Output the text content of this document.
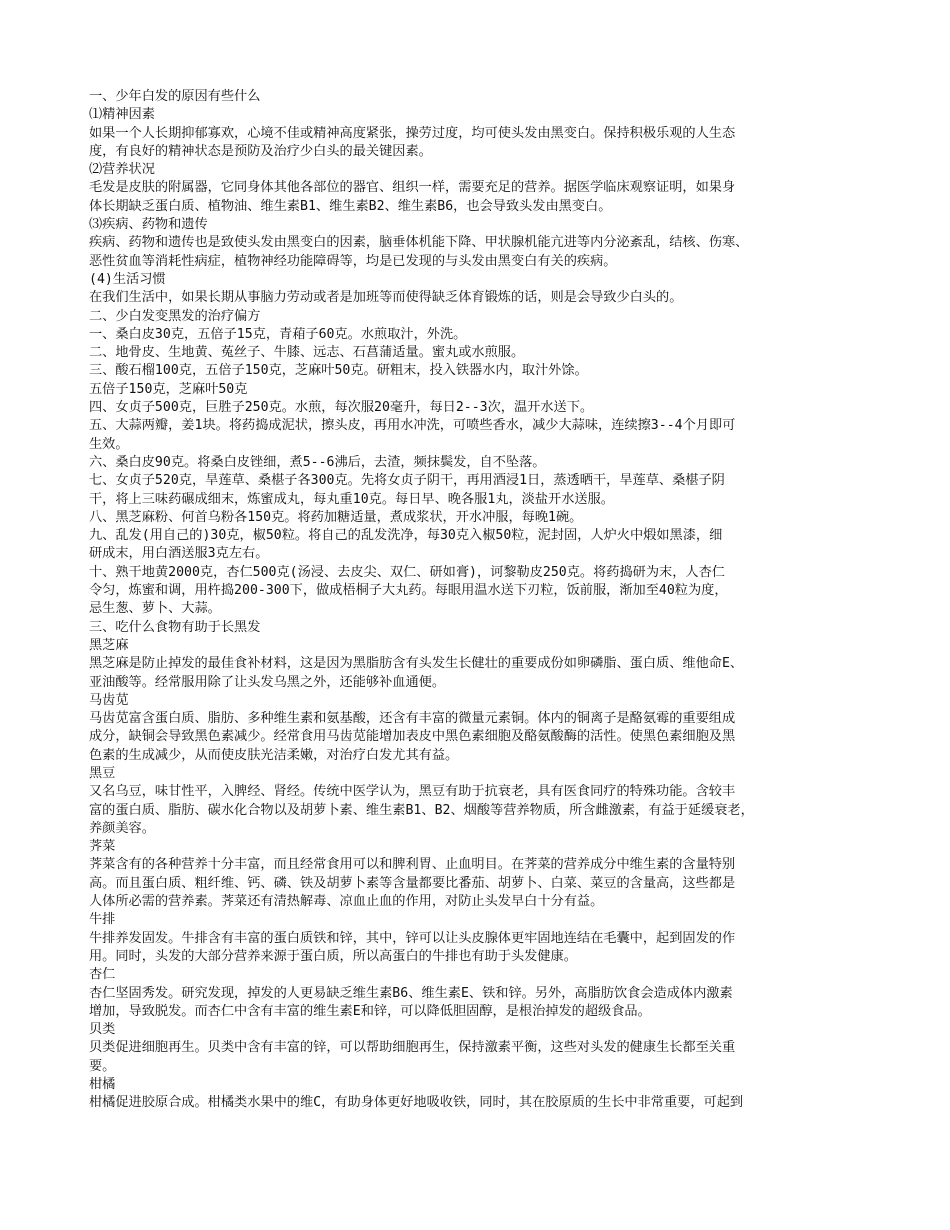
一、少年白发的原因有些什么
⑴精神因素
如果一个人长期抑郁寡欢，心境不佳或精神高度紧张，操劳过度，均可使头发由黑变白。保持积极乐观的人生态
度，有良好的精神状态是预防及治疗少白头的最关键因素。
⑵营养状况
毛发是皮肤的附属器，它同身体其他各部位的器官、组织一样，需要充足的营养。据医学临床观察证明，如果身
体长期缺乏蛋白质、植物油、维生素B1、维生素B2、维生素B6，也会导致头发由黑变白。
⑶疾病、药物和遗传
疾病、药物和遗传也是致使头发由黑变白的因素，脑垂体机能下降、甲状腺机能亢进等内分泌紊乱，结核、伤寒、
恶性贫血等消耗性病症，植物神经功能障碍等，均是已发现的与头发由黑变白有关的疾病。
(4)生活习惯
在我们生活中，如果长期从事脑力劳动或者是加班等而使得缺乏体育锻炼的话，则是会导致少白头的。
二、少白发变黑发的治疗偏方
一、桑白皮30克，五倍子15克，青葙子60克。水煎取汁，外洗。
二、地骨皮、生地黄、菟丝子、牛膝、远志、石菖蒲适量。蜜丸或水煎服。
三、酸石榴100克，五倍子150克，芝麻叶50克。研粗末，投入铁器水内，取汁外馀。
五倍子150克，芝麻叶50克
四、女贞子500克，巨胜子250克。水煎，每次服20毫升，每日2--3次，温开水送下。
五、大蒜两瓣，姜1块。将药捣成泥状，擦头皮，再用水冲洗，可喷些香水，减少大蒜味，连续擦3--4个月即可
生效。
六、桑白皮90克。将桑白皮锉细，煮5--6沸后，去渣，频抹鬓发，自不坠落。
七、女贞子520克，旱莲草、桑椹子各300克。先将女贞子阴干，再用酒浸1日，蒸透晒干，旱莲草、桑椹子阴
干，将上三味药碾成细末，炼蜜成丸，每丸重10克。每日早、晚各服1丸，淡盐开水送服。
八、黑芝麻粉、何首乌粉各150克。将药加糖适量，煮成浆状，开水冲服，每晚1碗。
九、乱发(用自己的)30克，椒50粒。将自己的乱发洗净，每30克入椒50粒，泥封固，人炉火中煅如黑漆，细
研成末，用白酒送服3克左右。
十、熟干地黄2000克，杏仁500克(汤浸、去皮尖、双仁、研如膏)，诃黎勒皮250克。将药捣研为末，人杏仁
令匀，炼蜜和调，用杵捣200-300下，做成梧桐子大丸药。每眼用温水送下刃粒，饭前服，渐加至40粒为度，
忌生葱、萝卜、大蒜。
三、吃什么食物有助于长黑发
黑芝麻
黑芝麻是防止掉发的最佳食补材料，这是因为黑脂肪含有头发生长健壮的重要成份如卵磷脂、蛋白质、维他命E、
亚油酸等。经常服用除了让头发乌黑之外，还能够补血通便。
马齿苋
马齿苋富含蛋白质、脂肪、多种维生素和氨基酸，还含有丰富的微量元素铜。体内的铜离子是酪氨霉的重要组成
成分，缺铜会导致黑色素减少。经常食用马齿苋能增加表皮中黑色素细胞及酪氨酸酶的活性。使黑色素细胞及黑
色素的生成减少，从而使皮肤光洁柔嫩，对治疗白发尤其有益。
黑豆
又名乌豆，味甘性平，入脾经、肾经。传统中医学认为，黑豆有助于抗衰老，具有医食同疗的特殊功能。含较丰
富的蛋白质、脂肪、碳水化合物以及胡萝卜素、维生素B1、B2、烟酸等营养物质，所含雌激素，有益于延缓衰老，
养颜美容。
荠菜
荠菜含有的各种营养十分丰富，而且经常食用可以和脾利胃、止血明目。在荠菜的营养成分中维生素的含量特别
高。而且蛋白质、粗纤维、钙、磷、铁及胡萝卜素等含量都要比番茄、胡萝卜、白菜、菜豆的含量高，这些都是
人体所必需的营养素。荠菜还有清热解毒、凉血止血的作用，对防止头发早白十分有益。
牛排
牛排养发固发。牛排含有丰富的蛋白质铁和锌，其中，锌可以让头皮腺体更牢固地连结在毛囊中，起到固发的作
用。同时，头发的大部分营养来源于蛋白质，所以高蛋白的牛排也有助于头发健康。
杏仁
杏仁坚固秀发。研究发现，掉发的人更易缺乏维生素B6、维生素E、铁和锌。另外，高脂肪饮食会造成体内激素
增加，导致脱发。而杏仁中含有丰富的维生素E和锌，可以降低胆固醇，是根治掉发的超级食品。
贝类
贝类促进细胞再生。贝类中含有丰富的锌，可以帮助细胞再生，保持激素平衡，这些对头发的健康生长都至关重
要。
柑橘
柑橘促进胶原合成。柑橘类水果中的维C，有助身体更好地吸收铁，同时，其在胶原质的生长中非常重要，可起到
